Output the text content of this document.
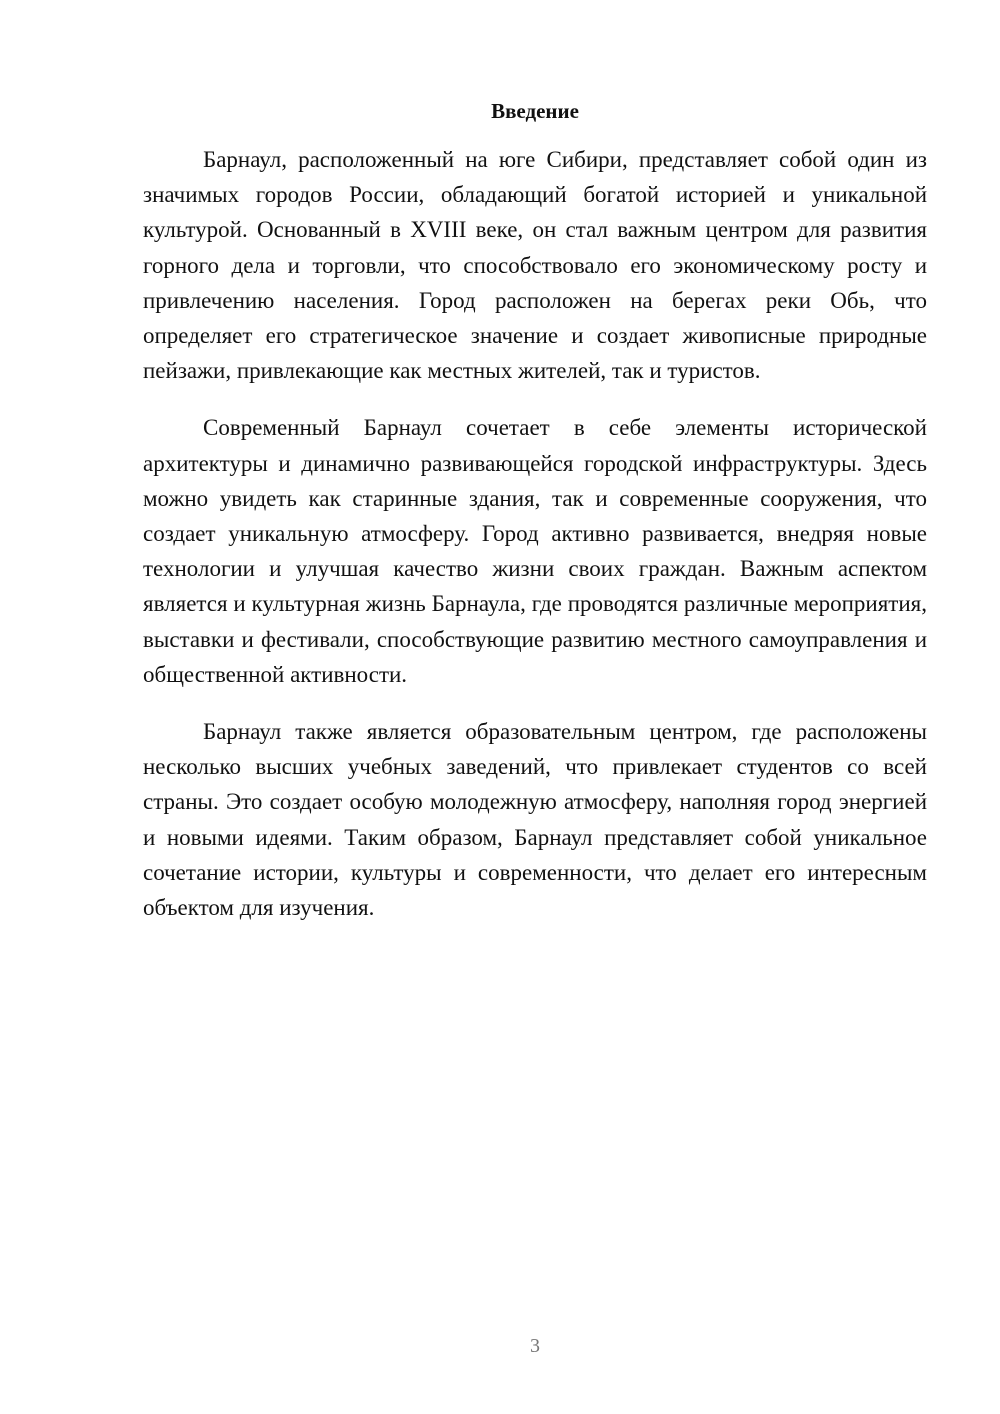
Введение

Барнаул, расположенный на юге Сибири, представляет собой один из значимых городов России, обладающий богатой историей и уникальной культурой. Основанный в XVIII веке, он стал важным центром для развития горного дела и торговли, что способствовало его экономическому росту и привлечению населения. Город расположен на берегах реки Обь, что определяет его стратегическое значение и создает живописные природные пейзажи, привлекающие как местных жителей, так и туристов.

Современный Барнаул сочетает в себе элементы исторической архитектуры и динамично развивающейся городской инфраструктуры. Здесь можно увидеть как старинные здания, так и современные сооружения, что создает уникальную атмосферу. Город активно развивается, внедряя новые технологии и улучшая качество жизни своих граждан. Важным аспектом является и культурная жизнь Барнаула, где проводятся различные мероприятия, выставки и фестивали, способствующие развитию местного самоуправления и общественной активности.

Барнаул также является образовательным центром, где расположены несколько высших учебных заведений, что привлекает студентов со всей страны. Это создает особую молодежную атмосферу, наполняя город энергией и новыми идеями. Таким образом, Барнаул представляет собой уникальное сочетание истории, культуры и современности, что делает его интересным объектом для изучения.

3
